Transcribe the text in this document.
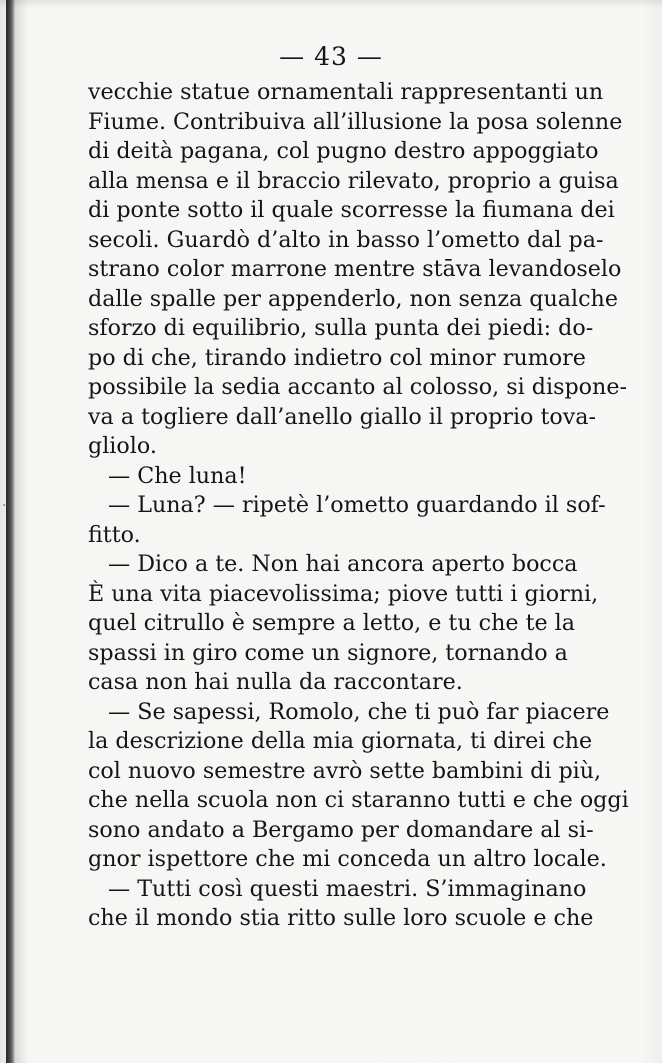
·
— 43 —
vecchie statue ornamentali rappresentanti un
Fiume. Contribuiva all’illusione la posa solenne
di deità pagana, col pugno destro appoggiato
alla mensa e il braccio rilevato, proprio a guisa
di ponte sotto il quale scorresse la fiumana dei
secoli. Guardò d’alto in basso l’ometto dal pa-
strano color marrone mentre stāva levandoselo
dalle spalle per appenderlo, non senza qualche
sforzo di equilibrio, sulla punta dei piedi: do-
po di che, tirando indietro col minor rumore
possibile la sedia accanto al colosso, si dispone-
va a togliere dall’anello giallo il proprio tova-
gliolo.
— Che luna!
— Luna? — ripetè l’ometto guardando il sof-
fitto.
— Dico a te. Non hai ancora aperto bocca
È una vita piacevolissima; piove tutti i giorni,
quel citrullo è sempre a letto, e tu che te la
spassi in giro come un signore, tornando a
casa non hai nulla da raccontare.
— Se sapessi, Romolo, che ti può far piacere
la descrizione della mia giornata, ti direi che
col nuovo semestre avrò sette bambini di più,
che nella scuola non ci staranno tutti e che oggi
sono andato a Bergamo per domandare al si-
gnor ispettore che mi conceda un altro locale.
— Tutti così questi maestri. S’immaginano
che il mondo stia ritto sulle loro scuole e che
